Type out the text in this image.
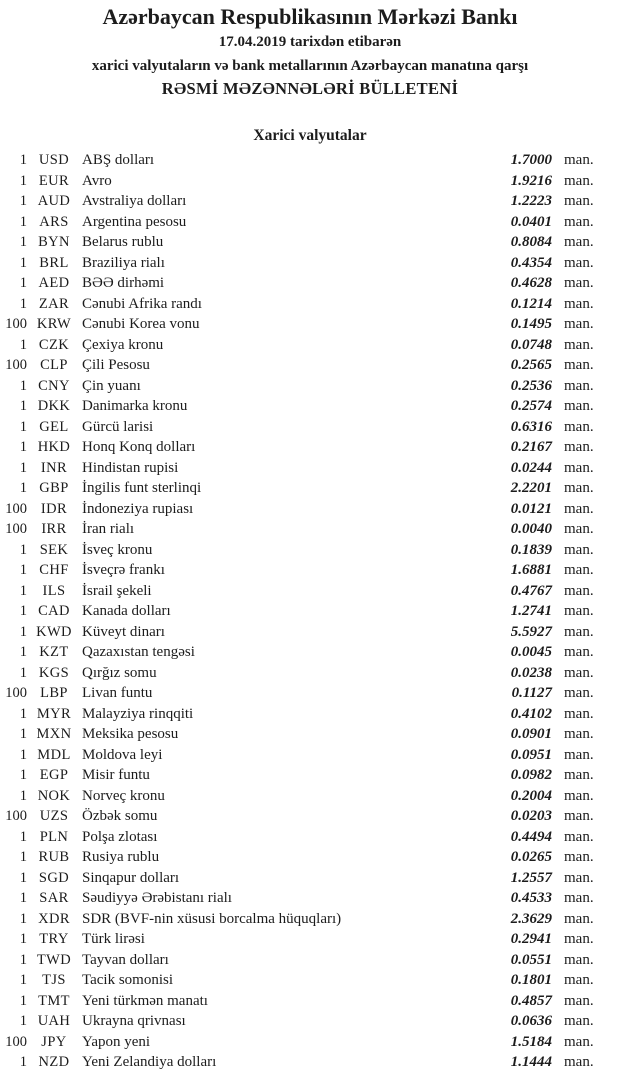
Azərbaycan Respublikasının Mərkəzi Bankı
17.04.2019 tarixdən etibarən
xarici valyutaların və bank metallarının Azərbaycan manatına qarşı
RƏSMİ MƏZƏNNƏLƏRİ BÜLLETENİ
Xarici valyutalar
1 USD ABŞ dolları	1.7000 man.
1 EUR Avro	1.9216 man.
1 AUD Avstraliya dolları	1.2223 man.
1 ARS Argentina pesosu	0.0401 man.
1 BYN Belarus rublu	0.8084 man.
1 BRL Braziliya rialı	0.4354 man.
1 AED BƏƏ dirhəmi	0.4628 man.
1 ZAR Cənubi Afrika randı	0.1214 man.
100 KRW Cənubi Korea vonu	0.1495 man.
1 CZK Çexiya kronu	0.0748 man.
100 CLP Çili Pesosu	0.2565 man.
1 CNY Çin yuanı	0.2536 man.
1 DKK Danimarka kronu	0.2574 man.
1 GEL Gürcü larisi	0.6316 man.
1 HKD Honq Konq dolları	0.2167 man.
1 INR Hindistan rupisi	0.0244 man.
1 GBP İngilis funt sterlinqi	2.2201 man.
100 IDR İndoneziya rupiası	0.0121 man.
100 IRR	İran rialı	0.0040 man.
1 SEK İsveç kronu	0.1839 man.
1 CHF İsveçrə frankı	1.6881 man.
1	ILS	İsrail şekeli	0.4767 man.
1 CAD Kanada dolları	1.2741 man.
1 KWD Küveyt dinarı	5.5927 man.
1 KZT Qazaxıstan tengəsi	0.0045 man.
1 KGS Qırğız somu	0.0238 man.
100 LBP Livan funtu	0.1127 man.
1 MYR Malayziya rinqqiti	0.4102 man.
1 MXN Meksika pesosu	0.0901 man.
1 MDL Moldova leyi	0.0951 man.
1 EGP Misir funtu	0.0982 man.
1 NOK Norveç kronu	0.2004 man.
100 UZS Özbək somu	0.0203 man.
1 PLN Polşa zlotası	0.4494 man.
1 RUB Rusiya rublu	0.0265 man.
1 SGD Sinqapur dolları	1.2557 man.
1 SAR Səudiyyə Ərəbistanı rialı	0.4533 man.
1 XDR SDR (BVF-nin xüsusi borcalma hüquqları)	2.3629 man.
1 TRY Türk lirəsi	0.2941 man.
1 TWD Tayvan dolları	0.0551 man.
1	TJS	Tacik somonisi	0.1801 man.
1 TMT Yeni türkmən manatı	0.4857 man.
1 UAH Ukrayna qrivnası	0.0636 man.
100 JPY	Yapon yeni	1.5184 man.
1 NZD Yeni Zelandiya dolları	1.1444 man.
